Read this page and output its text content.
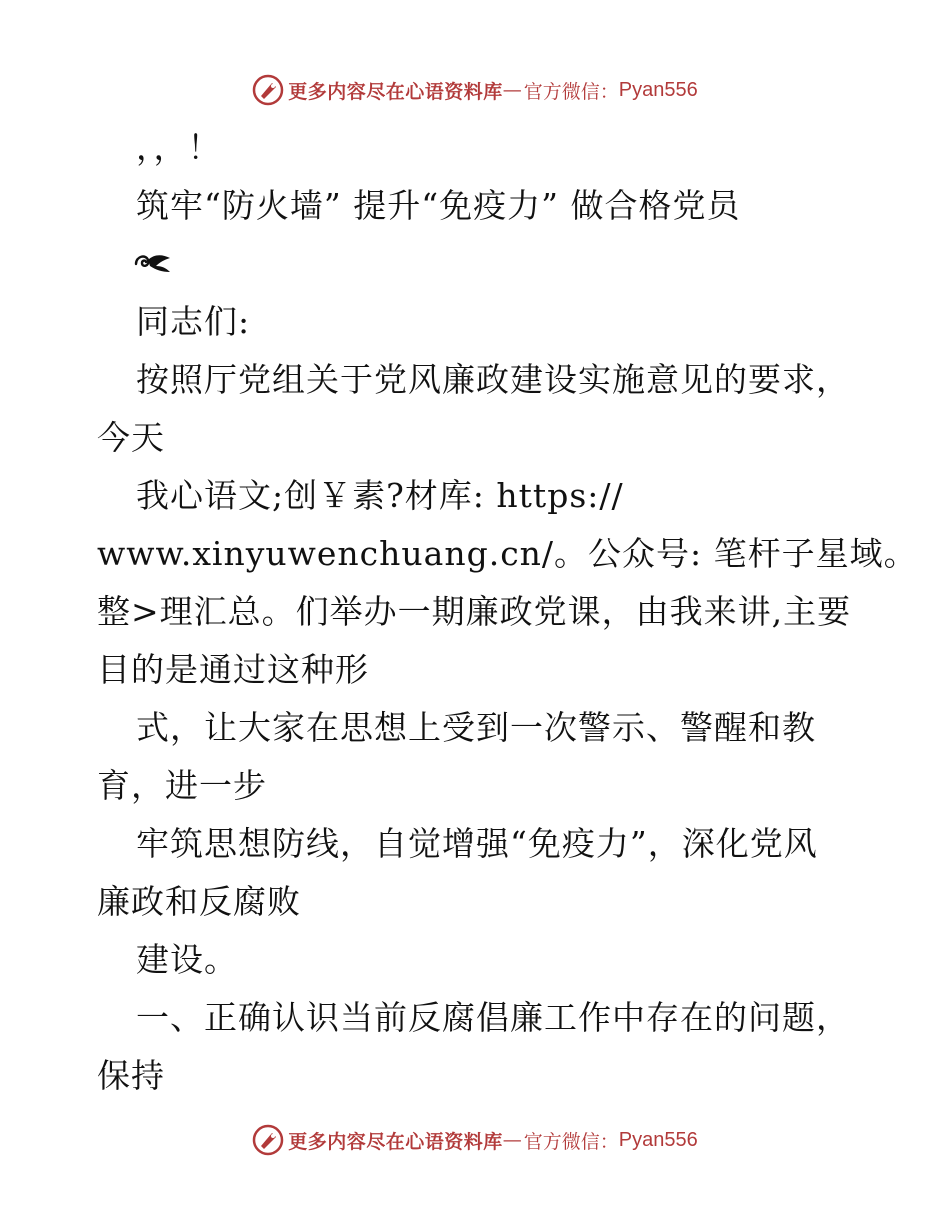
更多内容尽在心语资料库 — 官方微信： Pyan556
，，！
筑牢“防火墙” 提升“免疫力” 做合格党员
同志们:
按照厅党组关于党风廉政建设实施意见的要求，
今天
我心语文;创￥素?材库: https://
www.xinyuwenchuang.cn/。公众号: 笔杆子星域。
整>理汇总。们举办一期廉政党课，由我来讲,主要
目的是通过这种形
式，让大家在思想上受到一次警示、警醒和教
育，进一步
牢筑思想防线，自觉增强“免疫力”，深化党风
廉政和反腐败
建设。
一、正确认识当前反腐倡廉工作中存在的问题，
保持
更多内容尽在心语资料库 — 官方微信： Pyan556
